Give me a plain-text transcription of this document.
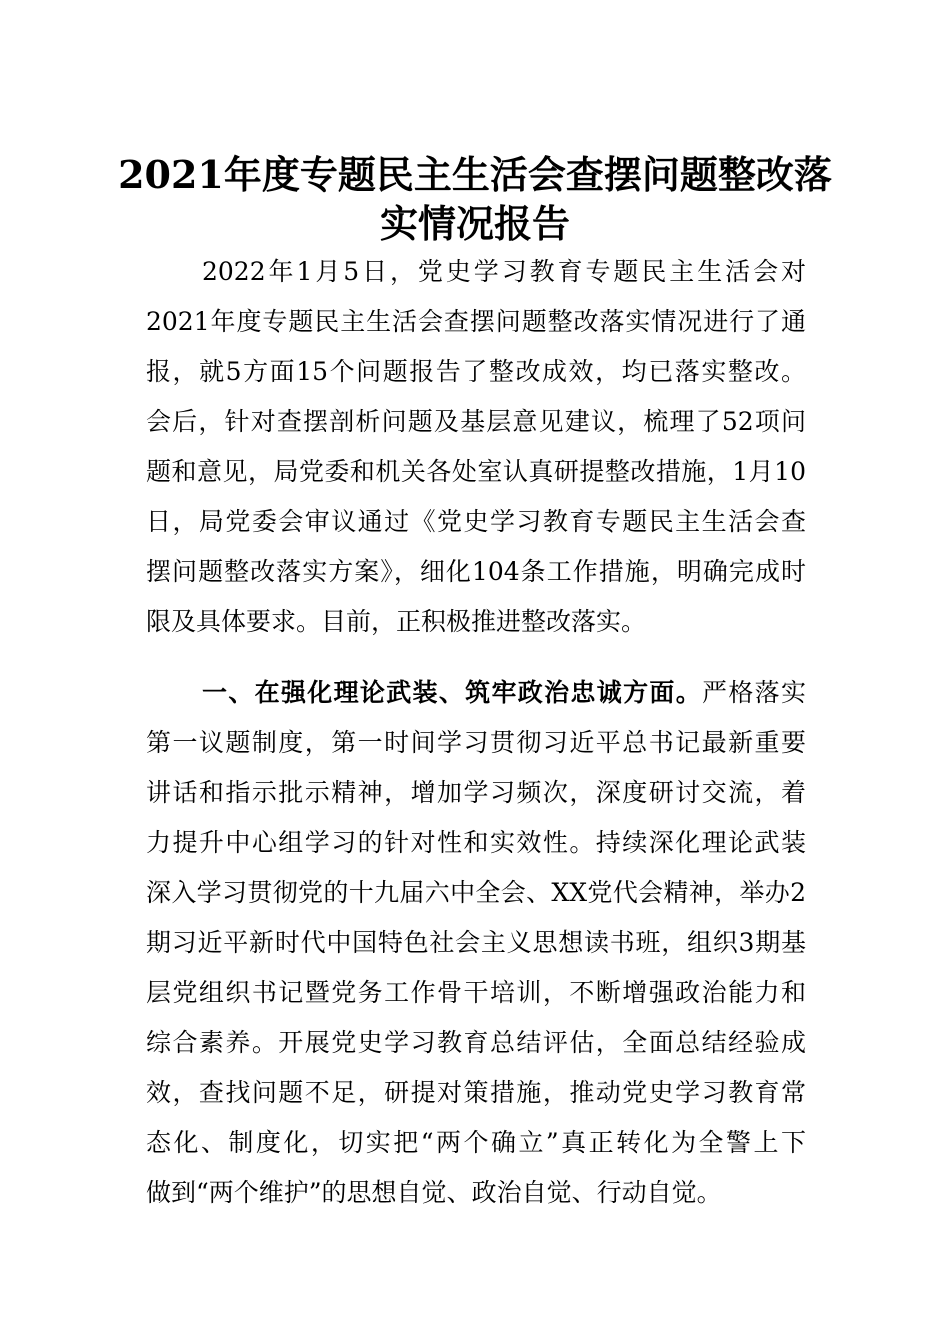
2021年度专题民主生活会查摆问题整改落
实情况报告
2022年1月5日，党史学习教育专题民主生活会对
2021年度专题民主生活会查摆问题整改落实情况进行了通
报，就5方面15个问题报告了整改成效，均已落实整改。
会后，针对查摆剖析问题及基层意见建议，梳理了52项问
题和意见，局党委和机关各处室认真研提整改措施，1月10
日，局党委会审议通过《党史学习教育专题民主生活会查
摆问题整改落实方案》，细化104条工作措施，明确完成时
限及具体要求。目前，正积极推进整改落实。
一、在强化理论武装、筑牢政治忠诚方面。严格落实
第一议题制度，第一时间学习贯彻习近平总书记最新重要
讲话和指示批示精神，增加学习频次，深度研讨交流，着
力提升中心组学习的针对性和实效性。持续深化理论武装
深入学习贯彻党的十九届六中全会、XX党代会精神，举办2
期习近平新时代中国特色社会主义思想读书班，组织3期基
层党组织书记暨党务工作骨干培训，不断增强政治能力和
综合素养。开展党史学习教育总结评估，全面总结经验成
效，查找问题不足，研提对策措施，推动党史学习教育常
态化、制度化，切实把“两个确立”真正转化为全警上下
做到“两个维护”的思想自觉、政治自觉、行动自觉。
